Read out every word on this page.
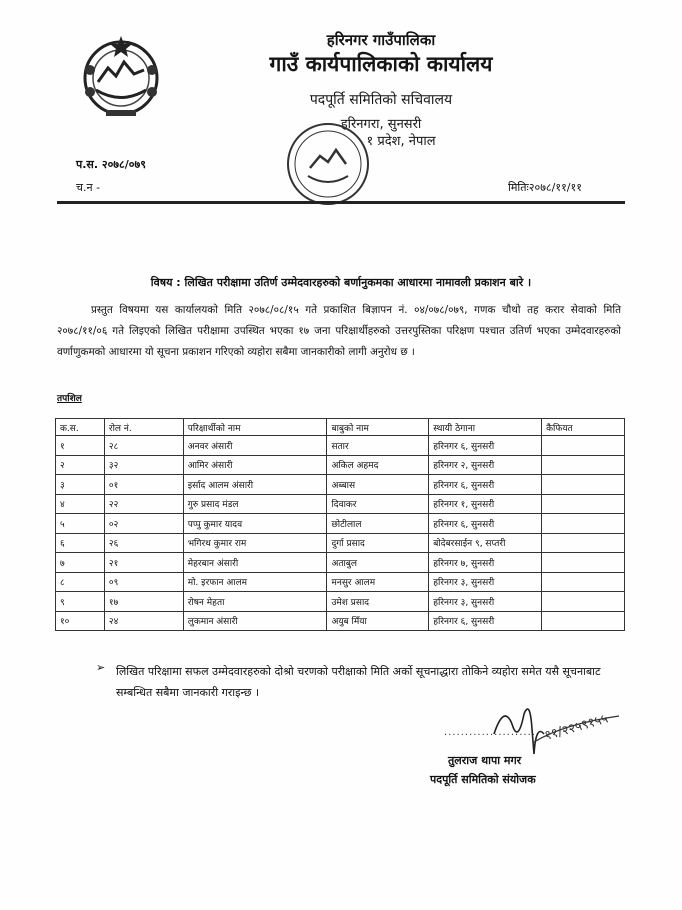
हरिनगर गाउँपालिका
गाउँ कार्यपालिकाको कार्यालय
पदपूर्ति समितिको सचिवालय
हरिनगरा, सुनसरी
१ प्रदेश, नेपाल
प.स. २०७८/०७९
च.न -	मितिः२०७८/११/११
विषय : लिखित परीक्षामा उतिर्ण उम्मेदवारहरुको बर्णानुकमका आधारमा नामावली प्रकाशन बारे ।
प्रस्तुत विषयमा यस कार्यालयको मिति २०७८/०८/१५ गते प्रकाशित बिज्ञापन नं. ०४/०७८/०७९, गणक चौथो तह करार सेवाको मिति २०७८/११/०६ गते लिइएको लिखित परीक्षामा उपस्थित भएका १७ जना परिक्षार्थीहरुको उत्तरपुस्तिका परिक्षण पश्चात उतिर्ण भएका उम्मेदवारहरुको वर्णाणुकमको आधारमा यो सूचना प्रकाशन गरिएको व्यहोरा सबैमा जानकारीको लागी अनुरोध छ ।
तपशिल
क.स.	रोल नं.	परिक्षार्थीको नाम	बाबुको नाम	स्थायी ठेगाना	कैफियत
१	२८	अनवर अंसारी	सतार	हरिनगर ६, सुनसरी	
२	३२	आमिर अंसारी	अकिल अहमद	हरिनगर २, सुनसरी	
३	०१	इर्साद आलम अंसारी	अब्बास	हरिनगर ६, सुनसरी	
४	२२	गुरु प्रसाद मंडल	दिवाकर	हरिनगर १, सुनसरी	
५	०२	पप्पु कुमार यादव	छोटीलाल	हरिनगर ६, सुनसरी	
६	२६	भगिरथ कुमार राम	दुर्गा प्रसाद	बोदेबरसाईन ९, सप्तरी	
७	२१	मेहरबान अंसारी	अताबुल	हरिनगर ७, सुनसरी	
८	०९	मो. इरफान आलम	मनसुर आलम	हरिनगर ३, सुनसरी	
९	१७	रोषन मेहता	उमेश प्रसाद	हरिनगर ३, सुनसरी	
१०	२४	लुकमान अंसारी	अयुब मिँया	हरिनगर ६, सुनसरी	
➢ लिखित परिक्षामा सफल उम्मेदवारहरुको दोश्रो चरणको परीक्षाको मिति अर्को सूचनाद्धारा तोकिने व्यहोरा समेत यसै सूचनाबाट सम्बन्धित सबैमा जानकारी गराइन्छ ।
११/२२५९१५५
......................
तुलराज थापा मगर
पदपूर्ति समितिको संयोजक
